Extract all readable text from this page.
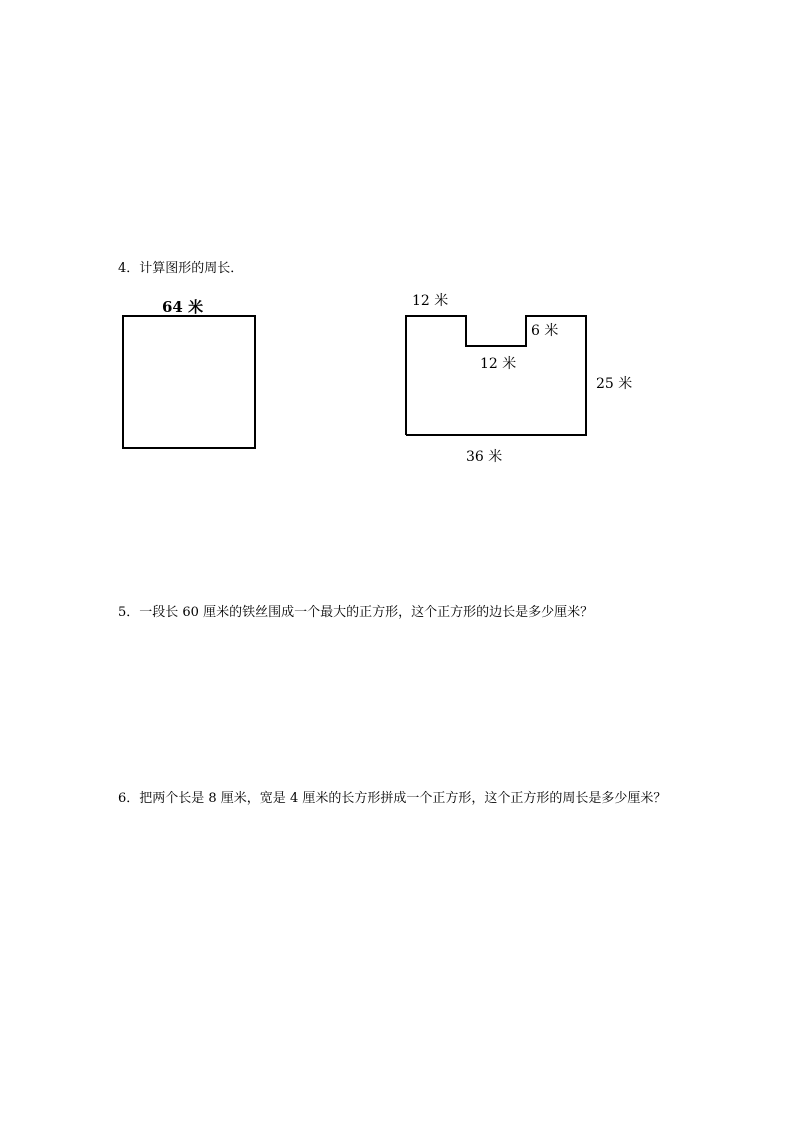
4．计算图形的周长．
64 米	12 米
6 米
12 米
25 米
36 米
5．一段长 60 厘米的铁丝围成一个最大的正方形，这个正方形的边长是多少厘米？
6．把两个长是 8 厘米，宽是 4 厘米的长方形拼成一个正方形，这个正方形的周长是多少厘米？
